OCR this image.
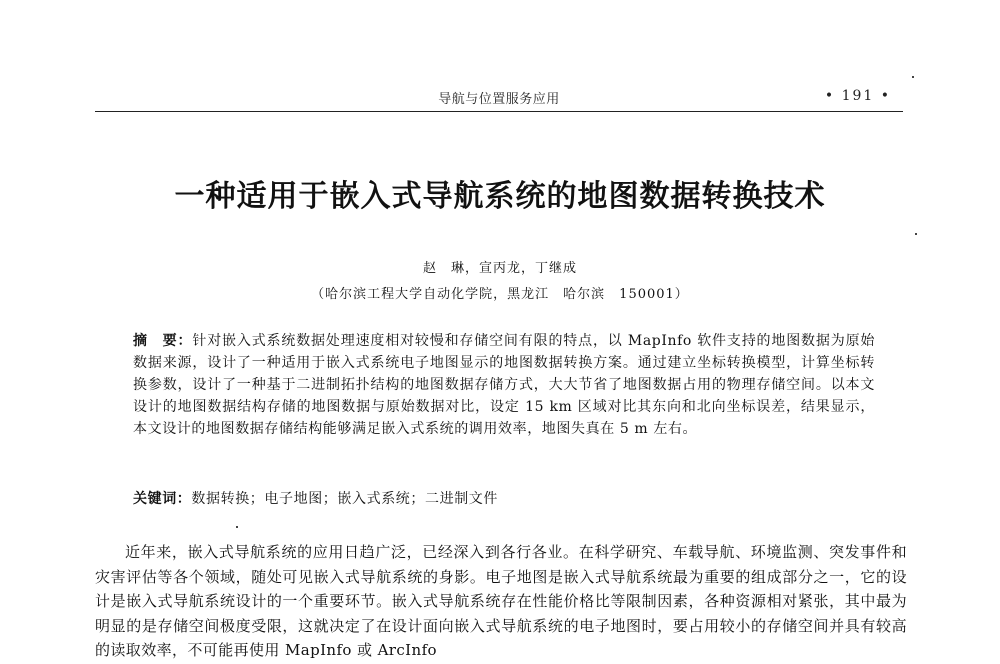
导航与位置服务应用	• 191 •
一种适用于嵌入式导航系统的地图数据转换技术
赵　琳，宣丙龙，丁继成
（哈尔滨工程大学自动化学院，黑龙江　哈尔滨　150001）
摘　要：针对嵌入式系统数据处理速度相对较慢和存储空间有限的特点，以 MapInfo 软件支持的地图数据为原始数据来源，设计了一种适用于嵌入式系统电子地图显示的地图数据转换方案。通过建立坐标转换模型，计算坐标转换参数，设计了一种基于二进制拓扑结构的地图数据存储方式，大大节省了地图数据占用的物理存储空间。以本文设计的地图数据结构存储的地图数据与原始数据对比，设定 15 km 区域对比其东向和北向坐标误差，结果显示，本文设计的地图数据存储结构能够满足嵌入式系统的调用效率，地图失真在 5 m 左右。
关键词：数据转换；电子地图；嵌入式系统；二进制文件
近年来，嵌入式导航系统的应用日趋广泛，已经深入到各行各业。在科学研究、车载导航、环境监测、突发事件和灾害评估等各个领域，随处可见嵌入式导航系统的身影。电子地图是嵌入式导航系统最为重要的组成部分之一，它的设计是嵌入式导航系统设计的一个重要环节。嵌入式导航系统存在性能价格比等限制因素，各种资源相对紧张，其中最为明显的是存储空间极度受限，这就决定了在设计面向嵌入式导航系统的电子地图时，要占用较小的存储空间并具有较高的读取效率，不可能再使用 MapInfo 或 ArcInfo
